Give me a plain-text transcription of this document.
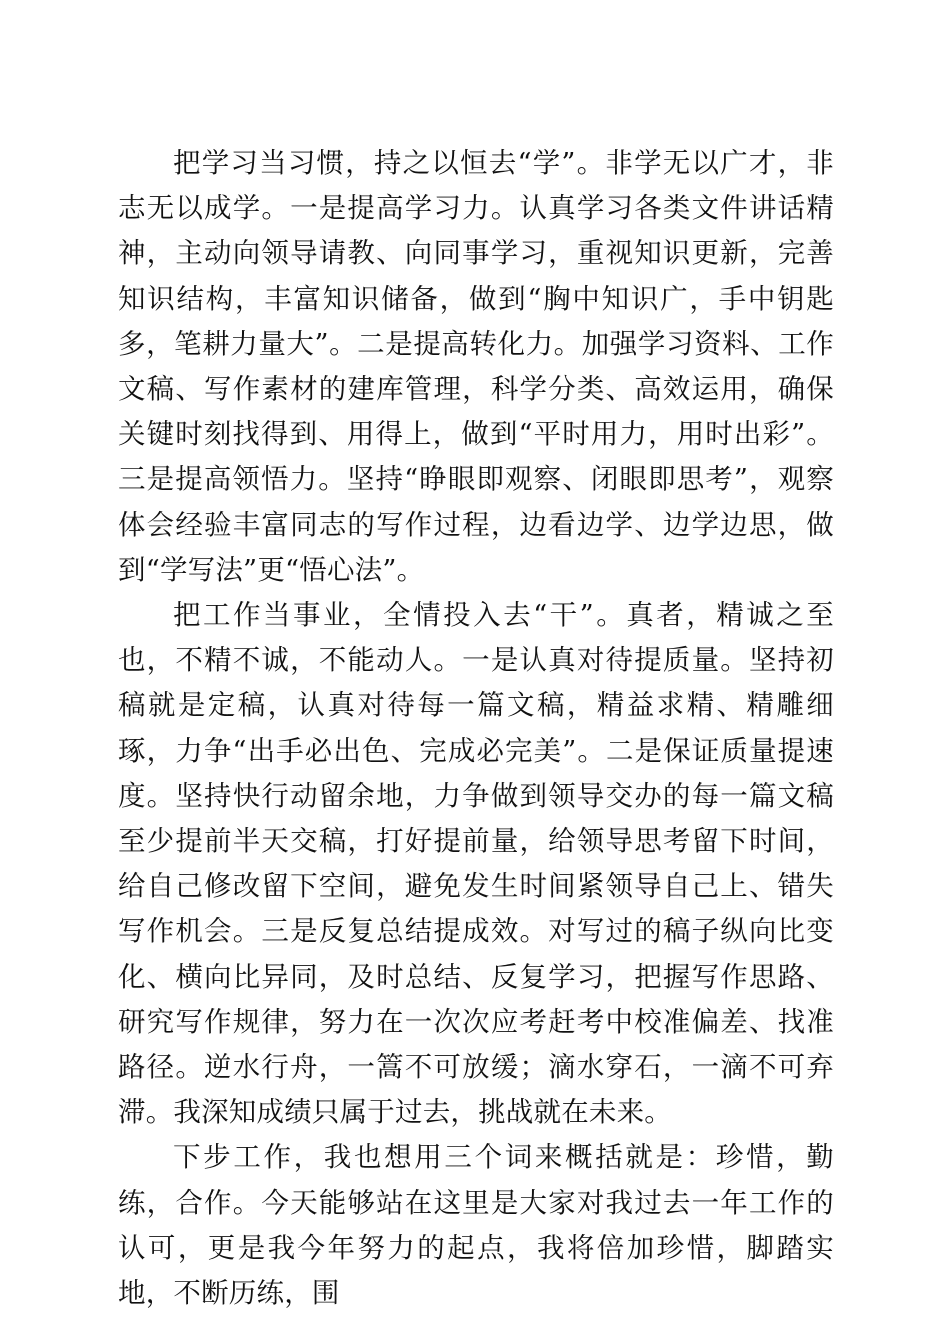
把学习当习惯，持之以恒去“学”。非学无以广才，非志无以成学。一是提高学习力。认真学习各类文件讲话精神，主动向领导请教、向同事学习，重视知识更新，完善知识结构，丰富知识储备，做到“胸中知识广，手中钥匙多，笔耕力量大”。二是提高转化力。加强学习资料、工作文稿、写作素材的建库管理，科学分类、高效运用，确保关键时刻找得到、用得上，做到“平时用力，用时出彩”。三是提高领悟力。坚持“睁眼即观察、闭眼即思考”，观察体会经验丰富同志的写作过程，边看边学、边学边思，做到“学写法”更“悟心法”。

把工作当事业，全情投入去“干”。真者，精诚之至也，不精不诚，不能动人。一是认真对待提质量。坚持初稿就是定稿，认真对待每一篇文稿，精益求精、精雕细琢，力争“出手必出色、完成必完美”。二是保证质量提速度。坚持快行动留余地，力争做到领导交办的每一篇文稿至少提前半天交稿，打好提前量，给领导思考留下时间，给自己修改留下空间，避免发生时间紧领导自己上、错失写作机会。三是反复总结提成效。对写过的稿子纵向比变化、横向比异同，及时总结、反复学习，把握写作思路、研究写作规律，努力在一次次应考赶考中校准偏差、找准路径。逆水行舟，一篙不可放缓；滴水穿石，一滴不可弃滞。我深知成绩只属于过去，挑战就在未来。

下步工作，我也想用三个词来概括就是：珍惜，勤练，合作。今天能够站在这里是大家对我过去一年工作的认可，更是我今年努力的起点，我将倍加珍惜，脚踏实地，不断历练，围
